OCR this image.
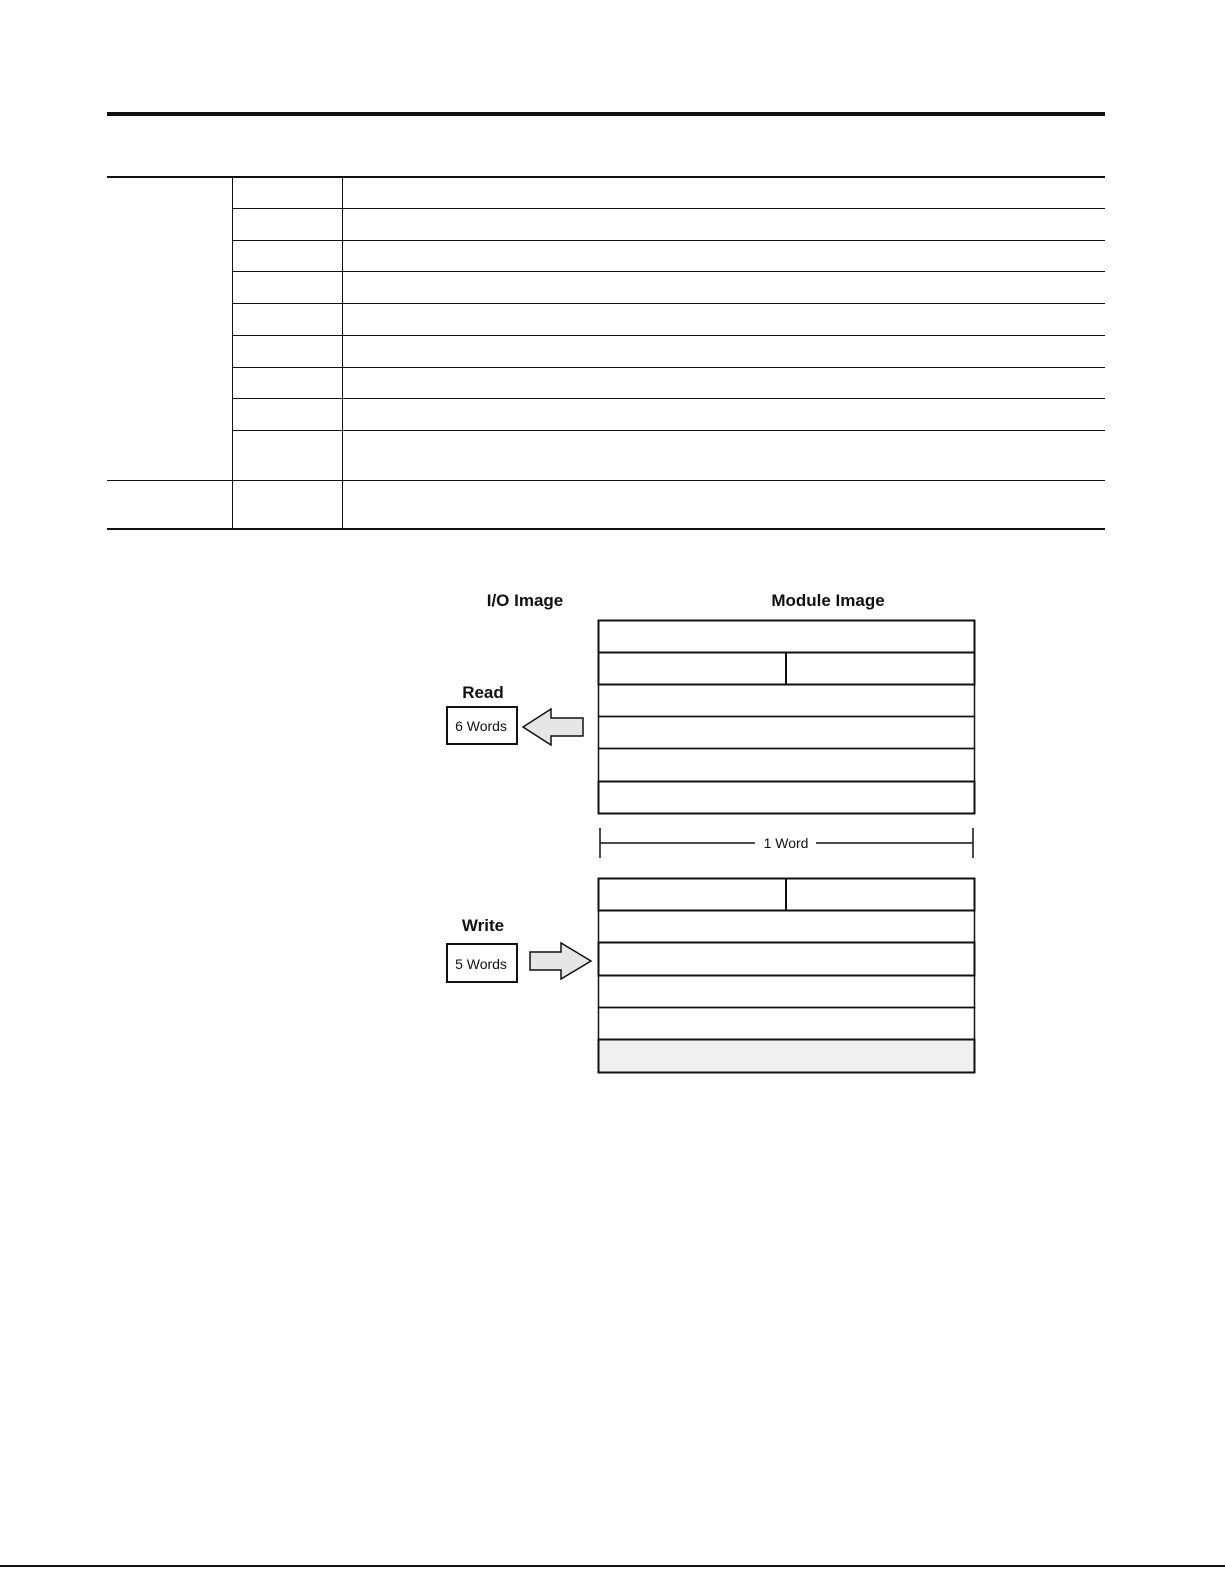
I/O Image	Module Image
Read
6 Words
1 Word
Write
5 Words
